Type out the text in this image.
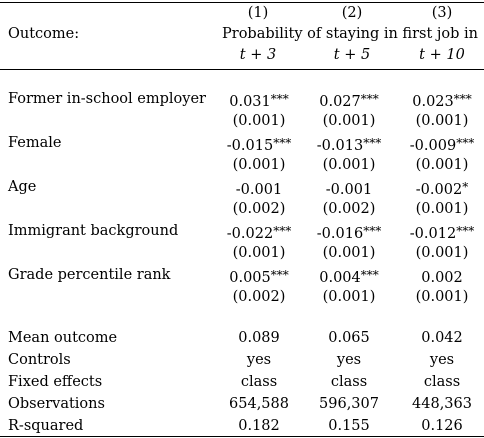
(1)	(2)	(3)
Outcome:	Probability of staying in first job in
t + 3	t + 5	t + 10
Former in-school employer	0.031***	0.027***	0.023***
(0.001)	(0.001)	(0.001)
Female	-0.015***	-0.013***	-0.009***
(0.001)	(0.001)	(0.001)
Age	-0.001	-0.001	-0.002*
(0.002)	(0.002)	(0.001)
Immigrant background	-0.022***	-0.016***	-0.012***
(0.001)	(0.001)	(0.001)
Grade percentile rank	0.005***	0.004***	0.002
(0.002)	(0.001)	(0.001)
Mean outcome	0.089	0.065	0.042
Controls	yes	yes	yes
Fixed effects	class	class	class
Observations	654,588	596,307	448,363
R-squared	0.182	0.155	0.126
